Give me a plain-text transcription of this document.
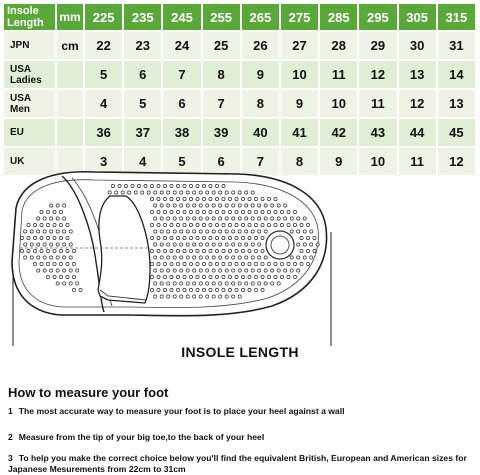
Insole
Length	mm	225	235	245	255	265	275	285	295	305	315
JPN	cm	22	23	24	25	26	27	28	29	30	31
USA
Ladies		5	6	7	8	9	10	11	12	13	14
USA
Men		4	5	6	7	8	9	10	11	12	13
EU		36	37	38	39	40	41	42	43	44	45
UK		3	4	5	6	7	8	9	10	11	12
INSOLE LENGTH
How to measure your foot
1 The most accurate way to measure your foot is to place your heel against a wall
2 Measure from the tip of your big toe,to the back of your heel
3 To help you make the correct choice below you'll find the equivalent British, European and American sizes for Japanese Mesurements from 22cm to 31cm
